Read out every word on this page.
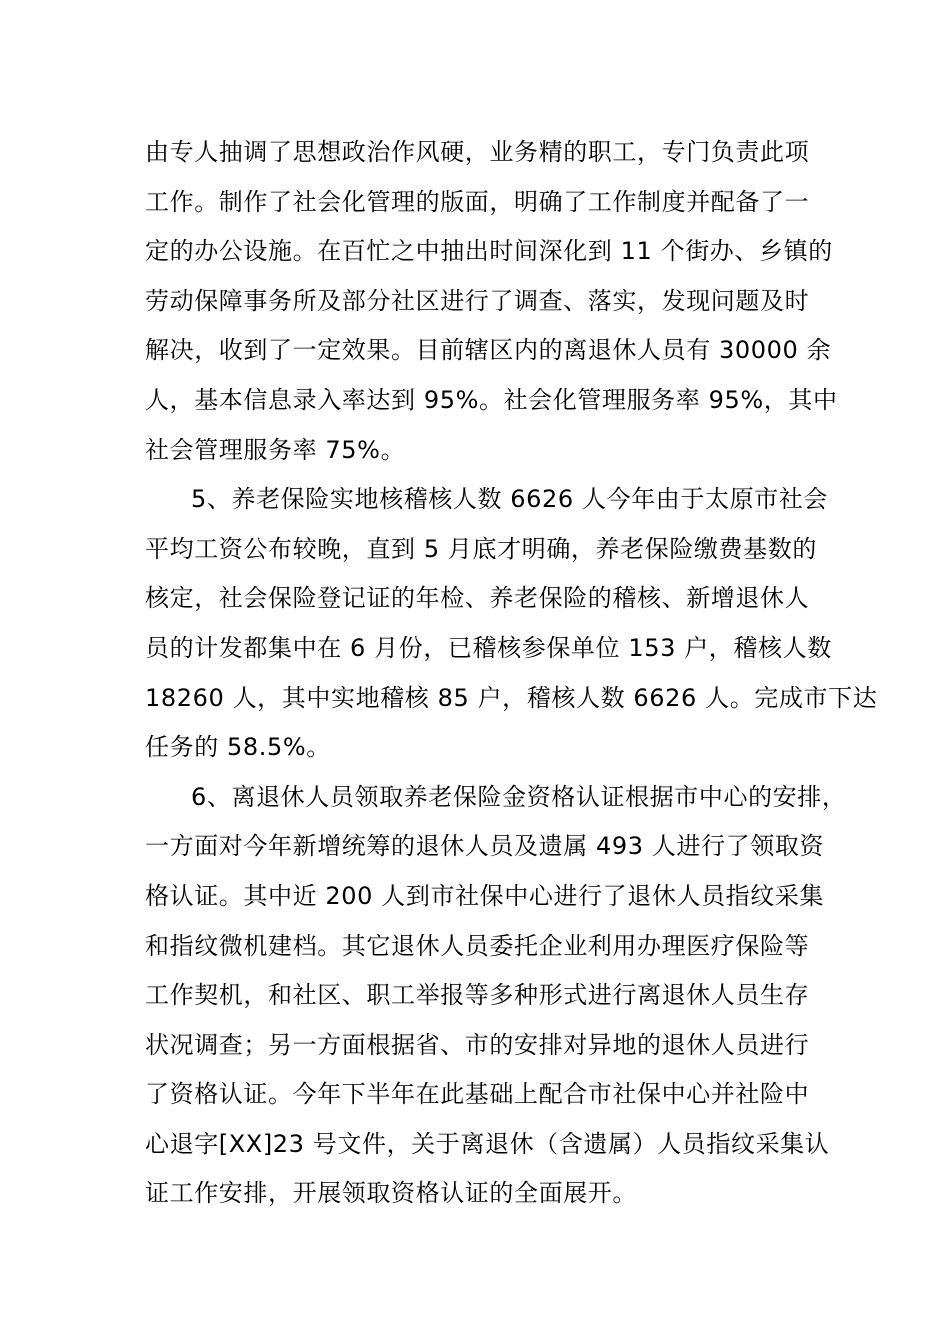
由专人抽调了思想政治作风硬，业务精的职工，专门负责此项
工作。制作了社会化管理的版面，明确了工作制度并配备了一
定的办公设施。在百忙之中抽出时间深化到 11 个街办、乡镇的
劳动保障事务所及部分社区进行了调查、落实，发现问题及时
解决，收到了一定效果。目前辖区内的离退休人员有 30000 余
人，基本信息录入率达到 95%。社会化管理服务率 95%，其中
社会管理服务率 75%。
5、养老保险实地核稽核人数 6626 人今年由于太原市社会
平均工资公布较晚，直到 5 月底才明确，养老保险缴费基数的
核定，社会保险登记证的年检、养老保险的稽核、新增退休人
员的计发都集中在 6 月份，已稽核参保单位 153 户，稽核人数
18260 人，其中实地稽核 85 户，稽核人数 6626 人。完成市下达
任务的 58.5%。
6、离退休人员领取养老保险金资格认证根据市中心的安排，
一方面对今年新增统筹的退休人员及遗属 493 人进行了领取资
格认证。其中近 200 人到市社保中心进行了退休人员指纹采集
和指纹微机建档。其它退休人员委托企业利用办理医疗保险等
工作契机，和社区、职工举报等多种形式进行离退休人员生存
状况调查；另一方面根据省、市的安排对异地的退休人员进行
了资格认证。今年下半年在此基础上配合市社保中心并社险中
心退字[XX]23 号文件，关于离退休（含遗属）人员指纹采集认
证工作安排，开展领取资格认证的全面展开。
